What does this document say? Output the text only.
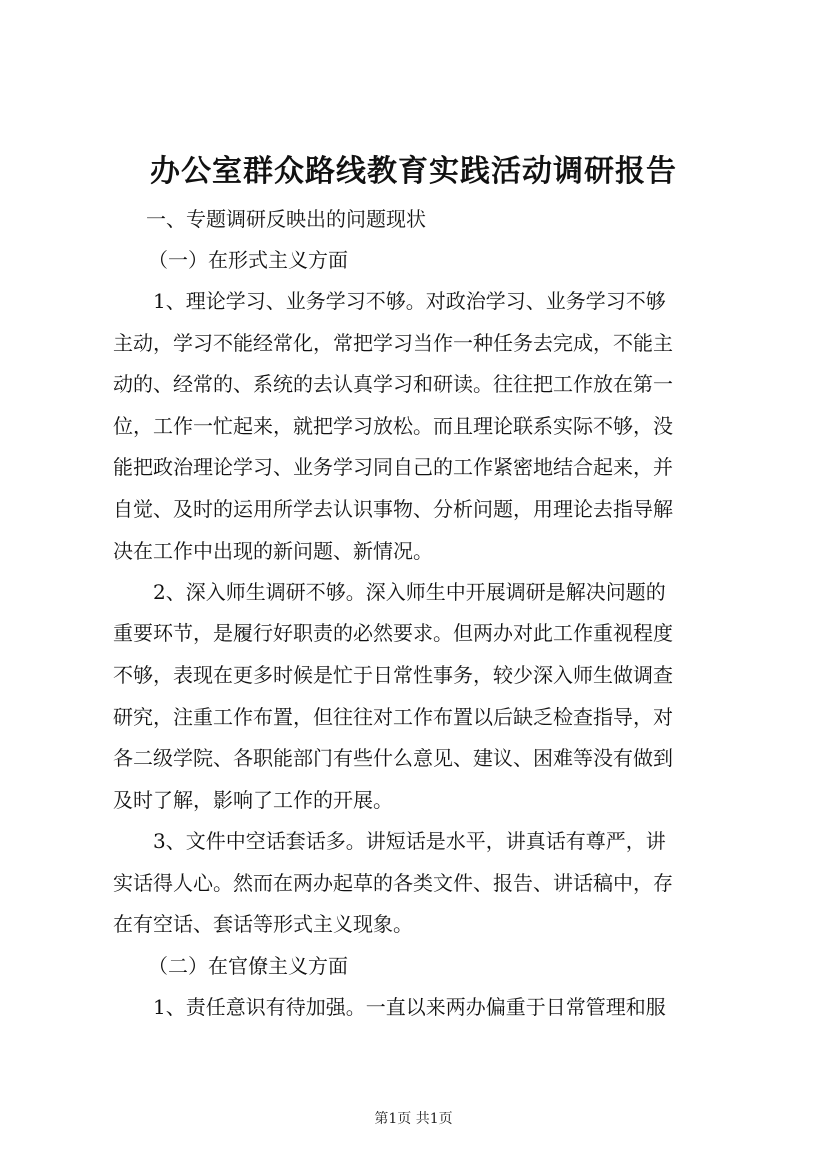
办公室群众路线教育实践活动调研报告
一、专题调研反映出的问题现状
（一）在形式主义方面
1、理论学习、业务学习不够。对政治学习、业务学习不够
主动，学习不能经常化，常把学习当作一种任务去完成，不能主
动的、经常的、系统的去认真学习和研读。往往把工作放在第一
位，工作一忙起来，就把学习放松。而且理论联系实际不够，没
能把政治理论学习、业务学习同自己的工作紧密地结合起来，并
自觉、及时的运用所学去认识事物、分析问题，用理论去指导解
决在工作中出现的新问题、新情况。
2、深入师生调研不够。深入师生中开展调研是解决问题的
重要环节，是履行好职责的必然要求。但两办对此工作重视程度
不够，表现在更多时候是忙于日常性事务，较少深入师生做调查
研究，注重工作布置，但往往对工作布置以后缺乏检查指导，对
各二级学院、各职能部门有些什么意见、建议、困难等没有做到
及时了解，影响了工作的开展。
3、文件中空话套话多。讲短话是水平，讲真话有尊严，讲
实话得人心。然而在两办起草的各类文件、报告、讲话稿中，存
在有空话、套话等形式主义现象。
（二）在官僚主义方面
1、责任意识有待加强。一直以来两办偏重于日常管理和服
第1页 共1页
